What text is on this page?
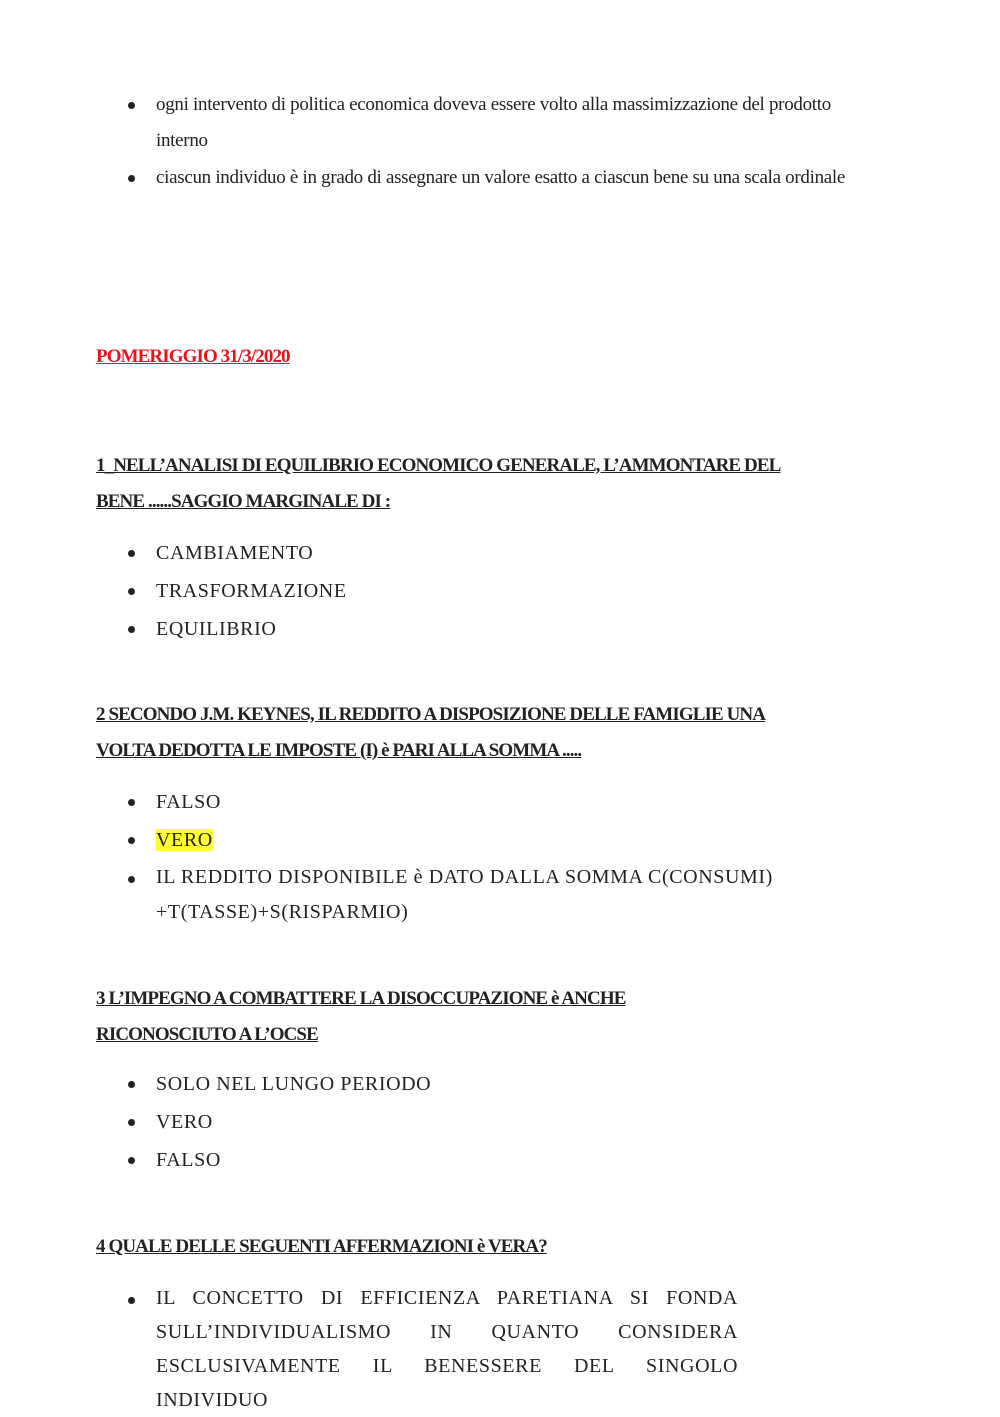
ogni intervento di politica economica doveva essere volto alla massimizzazione del prodotto interno
ciascun individuo è in grado di assegnare un valore esatto a ciascun bene su una scala ordinale
POMERIGGIO 31/3/2020
1_NELL’ANALISI DI EQUILIBRIO ECONOMICO GENERALE, L’AMMONTARE DEL
BENE ......SAGGIO MARGINALE DI :
CAMBIAMENTO
TRASFORMAZIONE
EQUILIBRIO
2 SECONDO J.M. KEYNES, IL REDDITO A DISPOSIZIONE DELLE FAMIGLIE UNA
VOLTA DEDOTTA LE IMPOSTE (I) è PARI ALLA SOMMA .....
FALSO
VERO
IL REDDITO DISPONIBILE è DATO DALLA SOMMA C(CONSUMI) +T(TASSE)+S(RISPARMIO)
3 L’IMPEGNO A COMBATTERE LA DISOCCUPAZIONE è ANCHE
RICONOSCIUTO A L’OCSE
SOLO NEL LUNGO PERIODO
VERO
FALSO
4 QUALE DELLE SEGUENTI AFFERMAZIONI è VERA?
IL CONCETTO DI EFFICIENZA PARETIANA SI FONDA SULL’INDIVIDUALISMO IN QUANTO CONSIDERA ESCLUSIVAMENTE IL BENESSERE DEL SINGOLO INDIVIDUO
